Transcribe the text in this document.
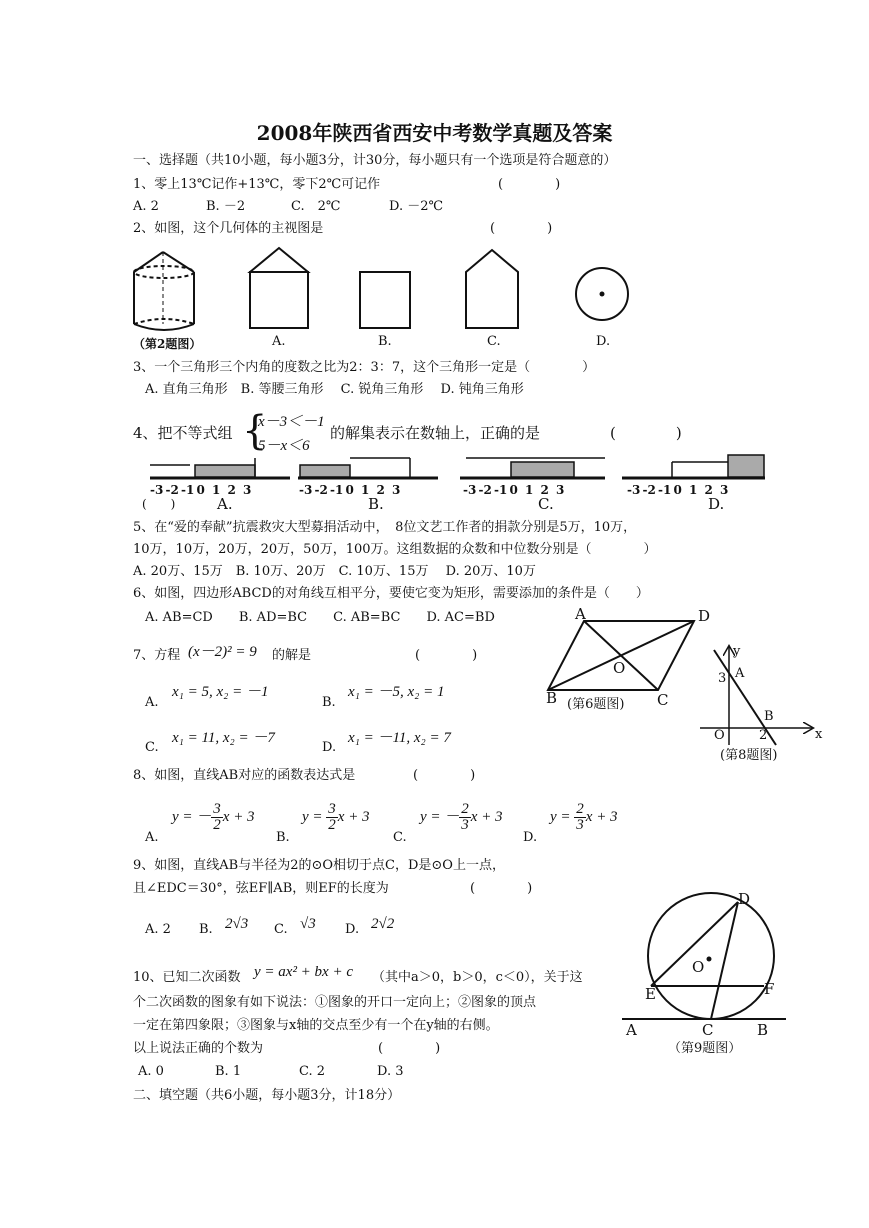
2008年陕西省西安中考数学真题及答案
一、选择题（共10小题，每小题3分，计30分，每小题只有一个选项是符合题意的）
1、零上13℃记作+13℃，零下2℃可记作	(　　　　)
A. 2	B. －2	C.　2℃	D. －2℃
2、如图，这个几何体的主视图是	(　　　　)
（第2题图）	A.	B.	C.	D.
3、一个三角形三个内角的度数之比为2：3：7，这个三角形一定是（　　　　）
A. 直角三角形　B. 等腰三角形　 C. 锐角三角形　 D. 钝角三角形
4、把不等式组 {
x－3＜－1
5－x＜6
的解集表示在数轴上，正确的是	(　　　　)
-3 -2 -1 0 1 2 3	-3 -2 -1 0 1 2 3	-3 -2 -1 0 1 2 3	-3 -2 -1 0 1 2 3
(　　)	A.	B.	C.	D.
5、在“爱的奉献”抗震救灾大型募捐活动中，　8位文艺工作者的捐款分别是5万，10万，
10万，10万，20万，20万，50万，100万。这组数据的众数和中位数分别是（　　　　）
A. 20万、15万　B. 10万、20万　C. 10万、15万　 D. 20万、10万
6、如图，四边形ABCD的对角线互相平分，要使它变为矩形，需要添加的条件是（　　）
A. AB=CD　　B. AD=BC　　C. AB=BC　　D. AC=BD	A
B	C
D
O
(第6题图)
7、方程 (x－2)² = 9 的解是	(　　　　)
A.
x₁ = 5, x₂ = －1
B.
x₁ = －5, x₂ = 1
C.
x₁ = 11, x₂ = －7
D.
x₁ = －11, x₂ = 7
y
A
3
B
O	2	x
(第8题图)
8、如图，直线AB对应的函数表达式是	(　　　　)
A.
y = － $\frac{3}{2}$ x + 3
B.
$y = \frac{3}{2}$ x + 3
C.
y = － $\frac{2}{3}$ x + 3
D.
$y = \frac{2}{3}$ x + 3
9、如图，直线AB与半径为2的⊙O相切于点C，D是⊙O上一点，
且∠EDC＝30°，弦EF∥AB，则EF的长度为	(　　　　)
A. 2 B. 2√3 C. √3 D. 2√2
D
O
E	F
A	C	B
（第9题图）
10、已知二次函数 y = ax² + bx + c （其中a＞0，b＞0，c＜0），关于这
个二次函数的图象有如下说法：①图象的开口一定向上；②图象的顶点
一定在第四象限；③图象与x轴的交点至少有一个在y轴的右侧。
以上说法正确的个数为	(　　　　)
A. 0	B. 1	C. 2	D. 3
二、填空题（共6小题，每小题3分，计18分）
